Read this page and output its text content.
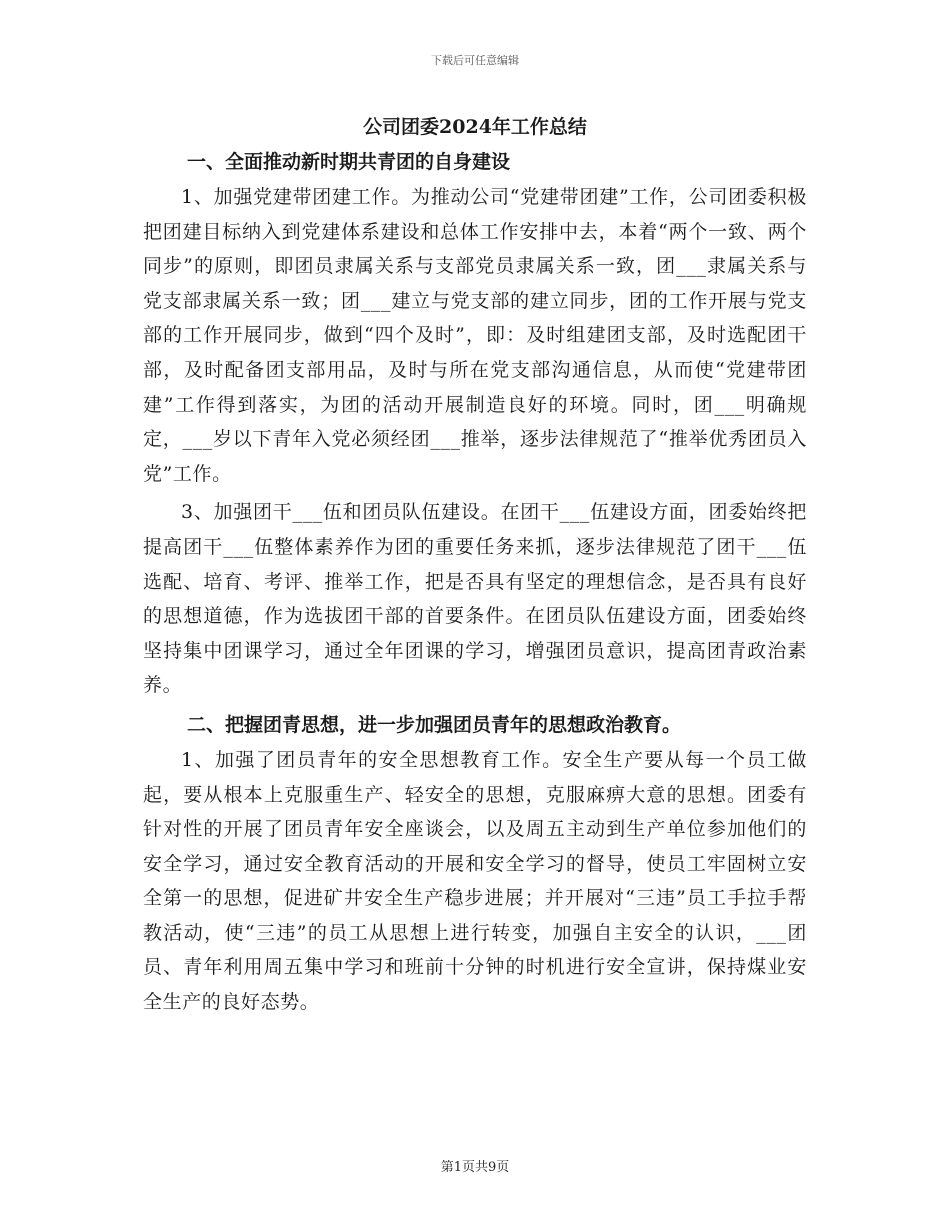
下载后可任意编辑
公司团委2024年工作总结
一、全面推动新时期共青团的自身建设

1、加强党建带团建工作。为推动公司“党建带团建”工作，公司团委积极把团建目标纳入到党建体系建设和总体工作安排中去，本着“两个一致、两个同步”的原则，即团员隶属关系与支部党员隶属关系一致，团___隶属关系与党支部隶属关系一致；团___建立与党支部的建立同步，团的工作开展与党支部的工作开展同步，做到“四个及时”，即：及时组建团支部，及时选配团干部，及时配备团支部用品，及时与所在党支部沟通信息，从而使“党建带团建”工作得到落实，为团的活动开展制造良好的环境。同时，团___明确规定，___岁以下青年入党必须经团___推举，逐步法律规范了“推举优秀团员入党”工作。

3、加强团干___伍和团员队伍建设。在团干___伍建设方面，团委始终把提高团干___伍整体素养作为团的重要任务来抓，逐步法律规范了团干___伍选配、培育、考评、推举工作，把是否具有坚定的理想信念，是否具有良好的思想道德，作为选拔团干部的首要条件。在团员队伍建设方面，团委始终坚持集中团课学习，通过全年团课的学习，增强团员意识，提高团青政治素养。

二、把握团青思想，进一步加强团员青年的思想政治教育。

1、加强了团员青年的安全思想教育工作。安全生产要从每一个员工做起，要从根本上克服重生产、轻安全的思想，克服麻痹大意的思想。团委有针对性的开展了团员青年安全座谈会，以及周五主动到生产单位参加他们的安全学习，通过安全教育活动的开展和安全学习的督导，使员工牢固树立安全第一的思想，促进矿井安全生产稳步进展；并开展对“三违”员工手拉手帮教活动，使“三违”的员工从思想上进行转变，加强自主安全的认识，___团员、青年利用周五集中学习和班前十分钟的时机进行安全宣讲，保持煤业安全生产的良好态势。

第1页共9页
